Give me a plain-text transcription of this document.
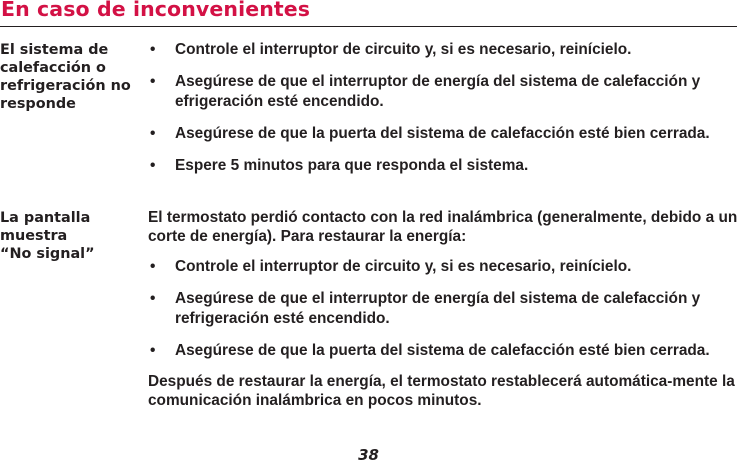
En caso de inconvenientes
El sistema de
calefacción o
refrigeración no
responde
• Controle el interruptor de circuito y, si es necesario, reinícielo.
• Asegúrese de que el interruptor de energía del sistema de calefacción y efrigeración esté encendido.
• Asegúrese de que la puerta del sistema de calefacción esté bien cerrada.
• Espere 5 minutos para que responda el sistema.
La pantalla
muestra
“No signal”

El termostato perdió contacto con la red inalámbrica (generalmente, debido a un corte de energía). Para restaurar la energía:

• Controle el interruptor de circuito y, si es necesario, reinícielo.
• Asegúrese de que el interruptor de energía del sistema de calefacción y refrigeración esté encendido.
• Asegúrese de que la puerta del sistema de calefacción esté bien cerrada.

Después de restaurar la energía, el termostato restablecerá automática-mente la comunicación inalámbrica en pocos minutos.

38
